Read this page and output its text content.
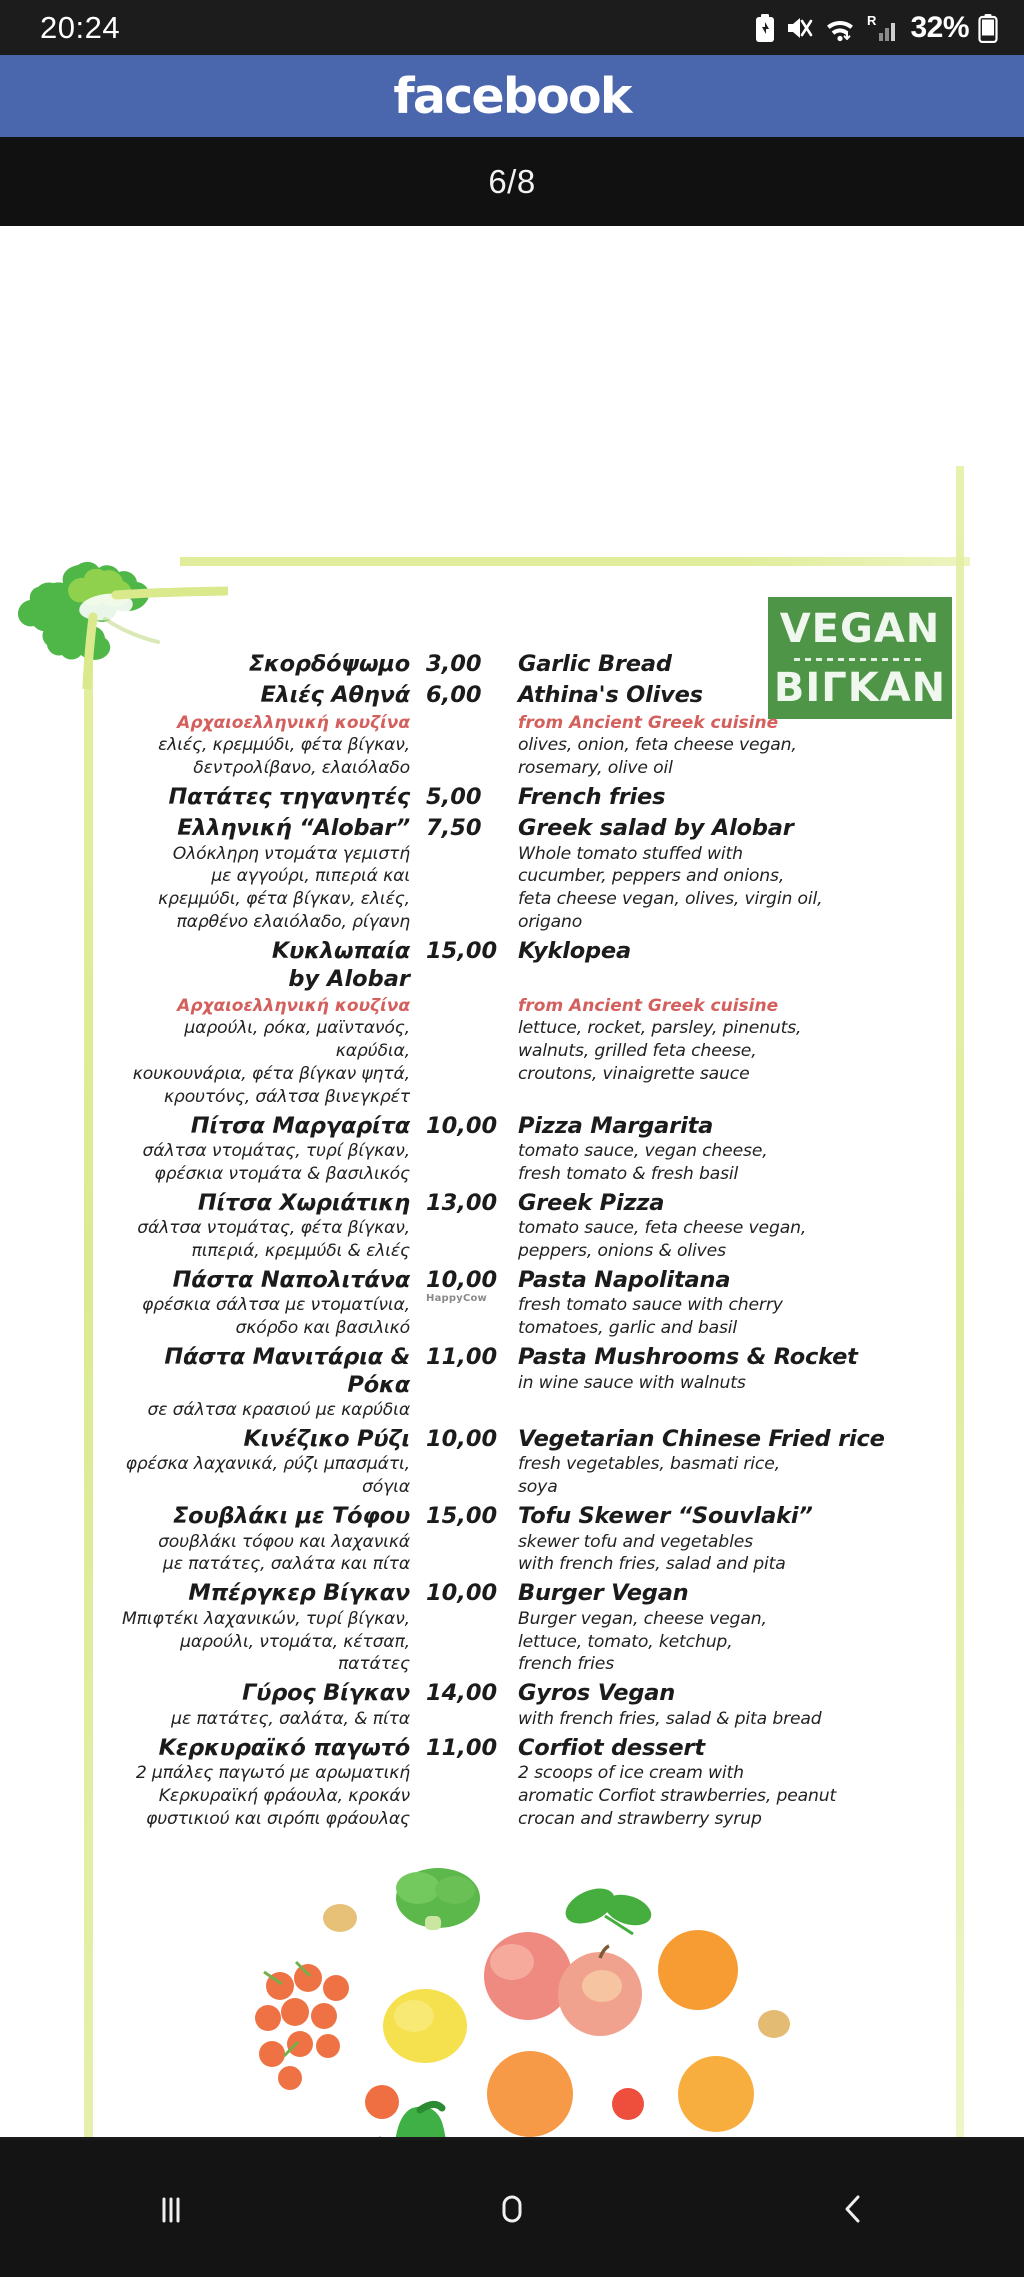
20:24	R 32%
facebook
6/8
VEGAN
ΒΙΓΚΑΝ
Σκορδόψωμο 3,00	Garlic Bread
Ελιές Αθηνά
Αρχαιοελληνική κουζίνα
ελιές, κρεμμύδι, φέτα βίγκαν,
δεντρολίβανο, ελαιόλαδο
6,00	Athina's Olives
from Ancient Greek cuisine
olives, onion, feta cheese vegan,
rosemary, olive oil
Πατάτες τηγανητές 5,00	French fries
Ελληνική “Alobar”
Ολόκληρη ντομάτα γεμιστή
με αγγούρι, πιπεριά και
κρεμμύδι, φέτα βίγκαν, ελιές,
παρθένο ελαιόλαδο, ρίγανη
7,50	Greek salad by Alobar
Whole tomato stuffed with
cucumber, peppers and onions,
feta cheese vegan, olives, virgin oil,
origano
Κυκλωπαία
by Alobar
Αρχαιοελληνική κουζίνα
μαρούλι, ρόκα, μαϊντανός, καρύδια,
κουκουνάρια, φέτα βίγκαν ψητά,
κρουτόνς, σάλτσα βινεγκρέτ
15,00 Kyklopea

from Ancient Greek cuisine
lettuce, rocket, parsley, pinenuts,
walnuts, grilled feta cheese,
croutons, vinaigrette sauce
Πίτσα Μαργαρίτα
σάλτσα ντομάτας, τυρί βίγκαν,
φρέσκια ντομάτα & βασιλικός
10,00 Pizza Margarita
tomato sauce, vegan cheese,
fresh tomato & fresh basil
Πίτσα Χωριάτικη
σάλτσα ντομάτας, φέτα βίγκαν,
πιπεριά, κρεμμύδι & ελιές
13,00 Greek Pizza
tomato sauce, feta cheese vegan,
peppers, onions & olives
Πάστα Ναπολιτάνα
φρέσκια σάλτσα με ντοματίνια,
σκόρδο και βασιλικό
10,00
HappyCow
Pasta Napolitana
fresh tomato sauce with cherry
tomatoes, garlic and basil
Πάστα Μανιτάρια & Ρόκα
σε σάλτσα κρασιού με καρύδια
11,00 Pasta Mushrooms & Rocket
in wine sauce with walnuts
Κινέζικο Ρύζι
φρέσκα λαχανικά, ρύζι μπασμάτι,
σόγια
10,00 Vegetarian Chinese Fried rice
fresh vegetables, basmati rice,
soya
Σουβλάκι με Τόφου
σουβλάκι τόφου και λαχανικά
με πατάτες, σαλάτα και πίτα
15,00 Tofu Skewer “Souvlaki”
skewer tofu and vegetables
with french fries, salad and pita
Μπέργκερ Βίγκαν
Μπιφτέκι λαχανικών, τυρί βίγκαν,
μαρούλι, ντομάτα, κέτσαπ,
πατάτες
10,00 Burger Vegan
Burger vegan, cheese vegan,
lettuce, tomato, ketchup,
french fries
Γύρος Βίγκαν
με πατάτες, σαλάτα, & πίτα
14,00 Gyros Vegan
with french fries, salad & pita bread
Κερκυραϊκό παγωτό
2 μπάλες παγωτό με αρωματική
Κερκυραϊκή φράουλα, κροκάν
φυστικιού και σιρόπι φράουλας
11,00 Corfiot dessert
2 scoops of ice cream with
aromatic Corfiot strawberries, peanut
crocan and strawberry syrup
